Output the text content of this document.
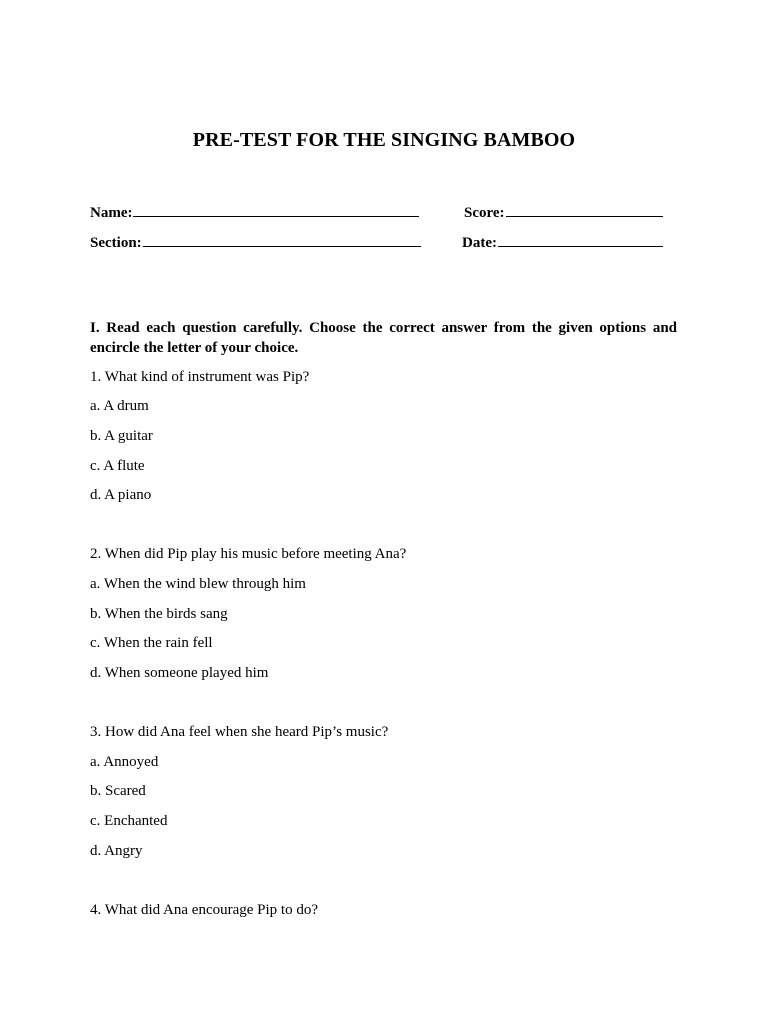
PRE-TEST FOR THE SINGING BAMBOO
Name:	Score:
Section:	Date:
I. Read each question carefully. Choose the correct answer from the given options and encircle the letter of your choice.
1. What kind of instrument was Pip?
a. A drum
b. A guitar
c. A flute
d. A piano
2. When did Pip play his music before meeting Ana?
a. When the wind blew through him
b. When the birds sang
c. When the rain fell
d. When someone played him
3. How did Ana feel when she heard Pip’s music?
a. Annoyed
b. Scared
c. Enchanted
d. Angry
4. What did Ana encourage Pip to do?
